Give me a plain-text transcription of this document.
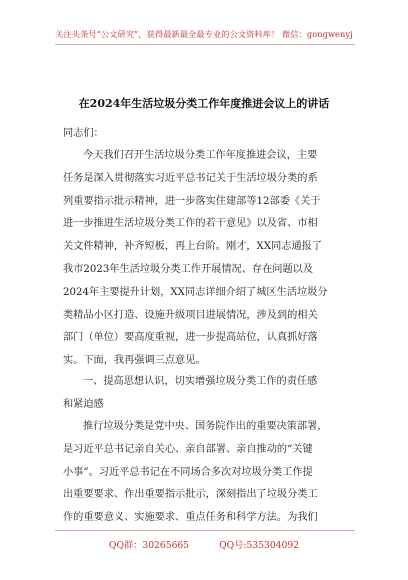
关注头条号“公文研究”，获得最新最全最专业的公文资料库！ 微信：gongwenyj
在2024年生活垃圾分类工作年度推进会议上的讲话
同志们：
今天我们召开生活垃圾分类工作年度推进会议，主要
任务是深入贯彻落实习近平总书记关于生活垃圾分类的系
列重要指示批示精神，进一步落实住建部等12部委《关于
进一步推进生活垃圾分类工作的若干意见》以及省、市相
关文件精神，补齐短板，再上台阶。刚才，XX同志通报了
我市2023年生活垃圾分类工作开展情况、存在问题以及
2024年主要提升计划，XX同志详细介绍了城区生活垃圾分
类精品小区打造、设施升级项目进展情况，涉及到的相关
部门（单位）要高度重视，进一步提高站位，认真抓好落
实。下面，我再强调三点意见。
一、提高思想认识，切实增强垃圾分类工作的责任感
和紧迫感
推行垃圾分类是党中央、国务院作出的重要决策部署，
是习近平总书记亲自关心、亲自部署、亲自推动的“关键
小事”。习近平总书记在不同场合多次对垃圾分类工作提
出重要要求、作出重要指示批示，深刻指出了垃圾分类工
作的重要意义、实施要求、重点任务和科学方法。为我们
QQ群：30265665	QQ号:535304092
